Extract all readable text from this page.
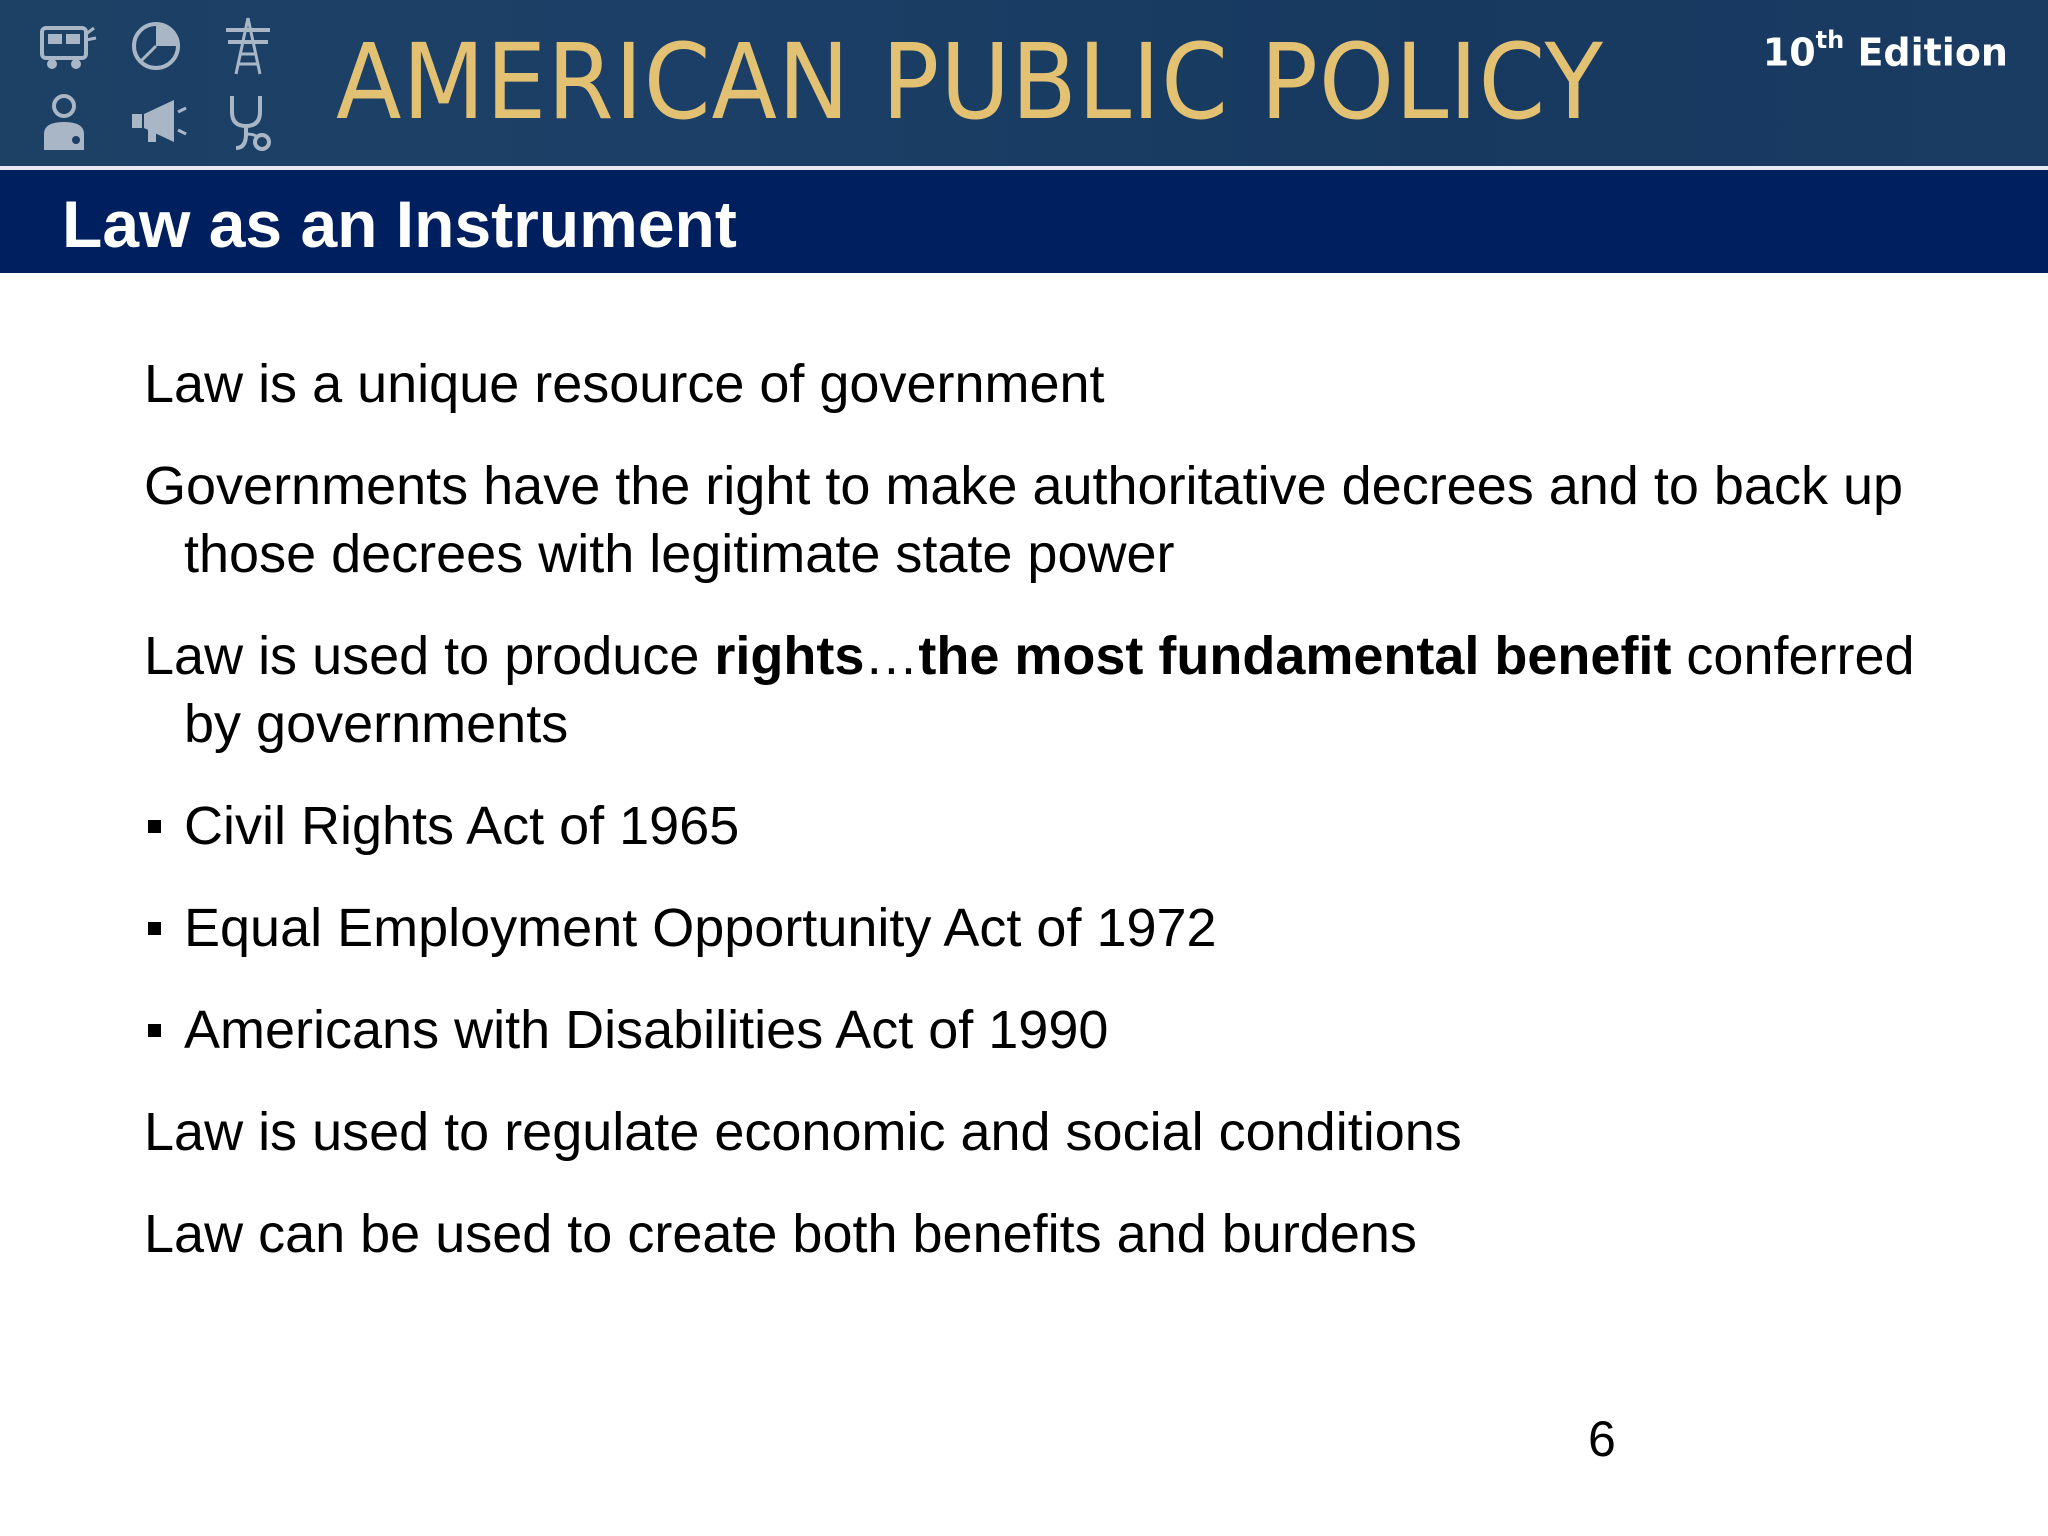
AMERICAN PUBLIC POLICY	10th Edition
Law as an Instrument
Law is a unique resource of government
Governments have the right to make authoritative decrees and to back up those decrees with legitimate state power
Law is used to produce rights…the most fundamental benefit conferred by governments
Civil Rights Act of 1965
Equal Employment Opportunity Act of 1972
Americans with Disabilities Act of 1990
Law is used to regulate economic and social conditions
Law can be used to create both benefits and burdens
6
